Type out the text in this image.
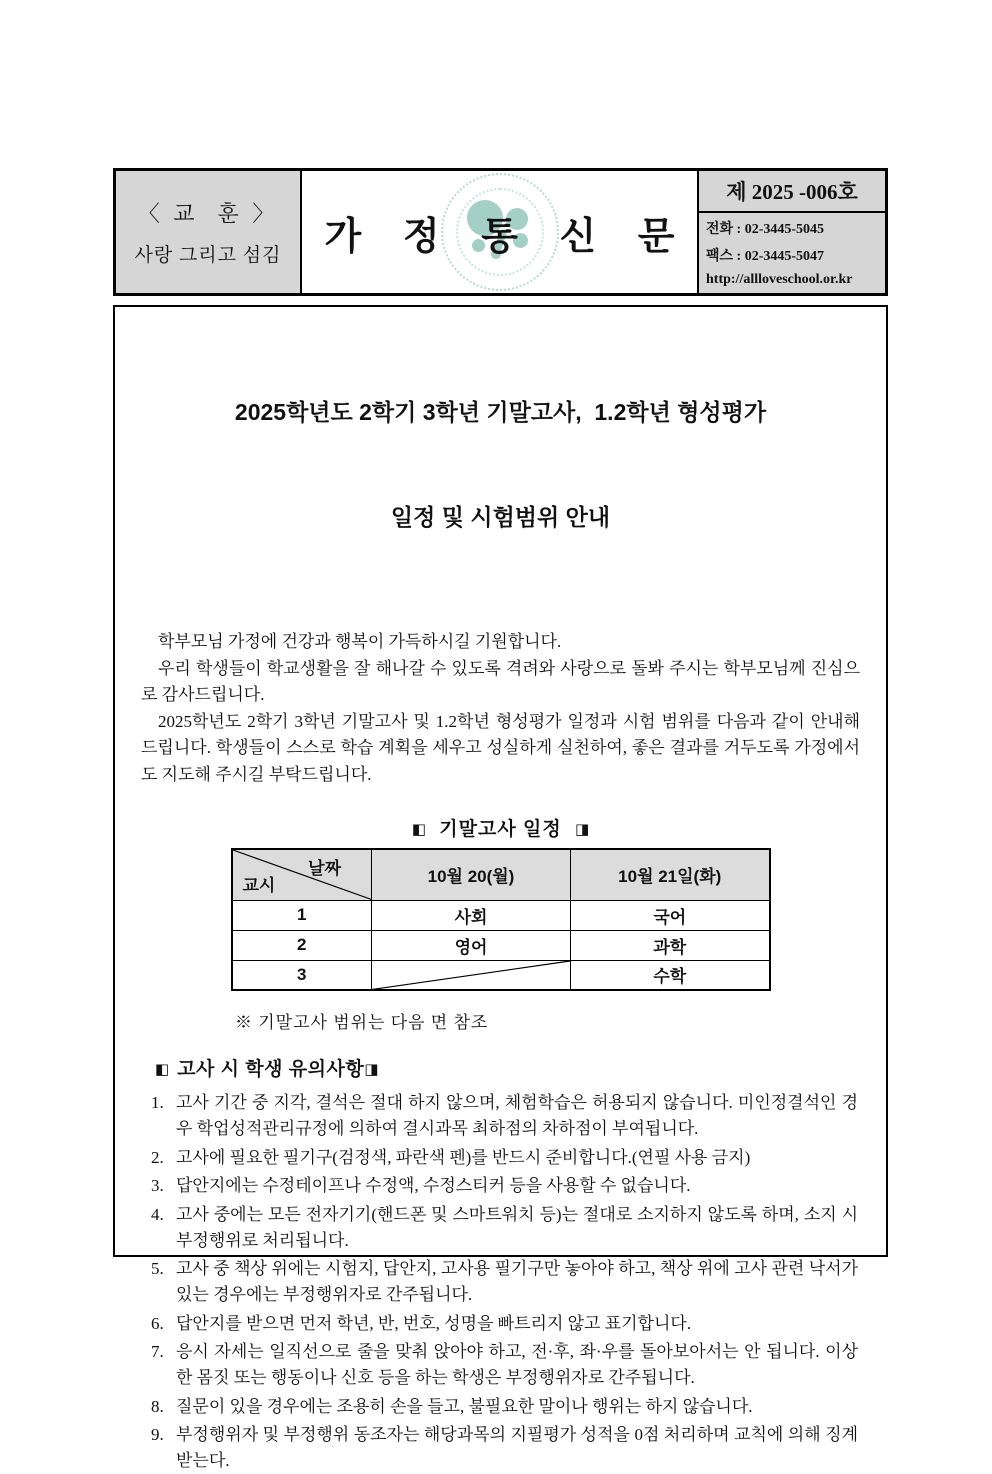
〈 교  훈 〉
사랑 그리고 섬김 가 정 통 신 문
제 2025 -006호
전화 : 02-3445-5045
팩스 : 02-3445-5047
http://allloveschool.or.kr

2025학년도 2학기 3학년 기말고사,  1.2학년 형성평가

일정 및 시험범위 안내

학부모님 가정에 건강과 행복이 가득하시길 기원합니다.

우리 학생들이 학교생활을 잘 해나갈 수 있도록 격려와 사랑으로 돌봐 주시는 학부모님께 진심으로 감사드립니다.

2025학년도 2학기 3학년 기말고사 및 1.2학년 형성평가 일정과 시험 범위를 다음과 같이 안내해 드립니다. 학생들이 스스로 학습 계획을 세우고 성실하게 실천하여, 좋은 결과를 거두도록 가정에서도 지도해 주시길 부탁드립니다.

◧ 기말고사 일정 ◨
날짜
교시	10월 20(월)	10월 21일(화)
1	사회	국어
2	영어	과학
3		수학
※ 기말고사 범위는 다음 면 참조
◧ 고사 시 학생 유의사항◨
1. 고사 기간 중 지각, 결석은 절대 하지 않으며, 체험학습은 허용되지 않습니다. 미인정결석인 경우 학업성적관리규정에 의하여 결시과목 최하점의 차하점이 부여됩니다.
2. 고사에 필요한 필기구(검정색, 파란색 펜)를 반드시 준비합니다.(연필 사용 금지)
3. 답안지에는 수정테이프나 수정액, 수정스티커 등을 사용할 수 없습니다.
4. 고사 중에는 모든 전자기기(핸드폰 및 스마트워치 등)는 절대로 소지하지 않도록 하며, 소지 시 부정행위로 처리됩니다.
5. 고사 중 책상 위에는 시험지, 답안지, 고사용 필기구만 놓아야 하고, 책상 위에 고사 관련 낙서가 있는 경우에는 부정행위자로 간주됩니다.
6. 답안지를 받으면 먼저 학년, 반, 번호, 성명을 빠트리지 않고 표기합니다.
7. 응시 자세는 일직선으로 줄을 맞춰 앉아야 하고, 전·후, 좌·우를 돌아보아서는 안 됩니다. 이상한 몸짓 또는 행동이나 신호 등을 하는 학생은 부정행위자로 간주됩니다.
8. 질문이 있을 경우에는 조용히 손을 들고, 불필요한 말이나 행위는 하지 않습니다.
9. 부정행위자 및 부정행위 동조자는 해당과목의 지필평가 성적을 0점 처리하며 교칙에 의해 징계 받는다.
